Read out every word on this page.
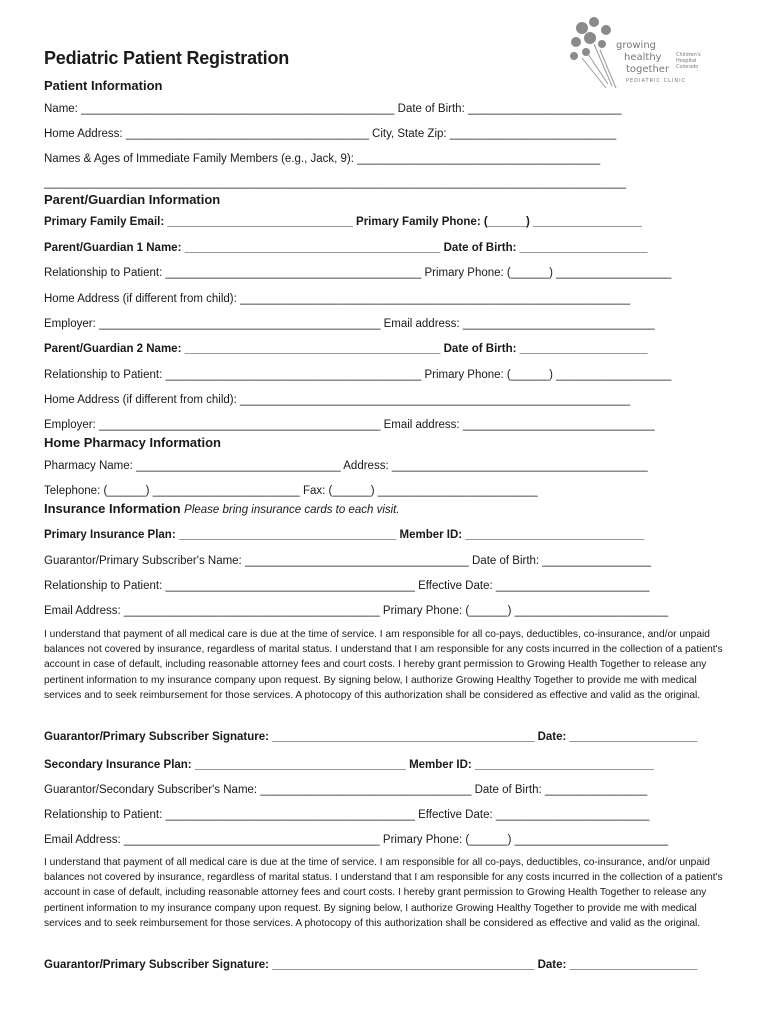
growing
healthy
together
Children's Hospital Colorado
PEDIATRIC CLINIC
Pediatric Patient Registration
Patient Information
Name: _________________________________________________ Date of Birth: ________________________
Home Address: ______________________________________ City, State Zip: __________________________
Names & Ages of Immediate Family Members (e.g., Jack, 9): ______________________________________
___________________________________________________________________________________________
Parent/Guardian Information
Primary Family Email: _____________________________ Primary Family Phone: (______) _________________
Parent/Guardian 1 Name: ________________________________________ Date of Birth: ____________________
Relationship to Patient: ________________________________________ Primary Phone: (______) __________________
Home Address (if different from child): _____________________________________________________________
Employer: ____________________________________________ Email address: ______________________________
Parent/Guardian 2 Name: ________________________________________ Date of Birth: ____________________
Relationship to Patient: ________________________________________ Primary Phone: (______) __________________
Home Address (if different from child): _____________________________________________________________
Employer: ____________________________________________ Email address: ______________________________
Home Pharmacy Information
Pharmacy Name: ________________________________ Address: ________________________________________
Telephone: (______) _______________________ Fax: (______) _________________________
Insurance Information Please bring insurance cards to each visit.
Primary Insurance Plan: __________________________________ Member ID: ____________________________
Guarantor/Primary Subscriber's Name: ___________________________________ Date of Birth: _________________
Relationship to Patient: _______________________________________ Effective Date: ________________________
Email Address: ________________________________________ Primary Phone: (______) ________________________
I understand that payment of all medical care is due at the time of service. I am responsible for all co-pays, deductibles, co-insurance, and/or unpaid balances not covered by insurance, regardless of marital status. I understand that I am responsible for any costs incurred in the collection of a patient's account in case of default, including reasonable attorney fees and court costs. I hereby grant permission to Growing Health Together to release any pertinent information to my insurance company upon request. By signing below, I authorize Growing Healthy Together to provide me with medical services and to seek reimbursement for those services. A photocopy of this authorization shall be considered as effective and valid as the original.
Guarantor/Primary Subscriber Signature: _________________________________________ Date: ____________________
Secondary Insurance Plan: _________________________________ Member ID: ____________________________
Guarantor/Secondary Subscriber's Name: _________________________________ Date of Birth: ________________
Relationship to Patient: _______________________________________ Effective Date: ________________________
Email Address: ________________________________________ Primary Phone: (______) ________________________
I understand that payment of all medical care is due at the time of service. I am responsible for all co-pays, deductibles, co-insurance, and/or unpaid balances not covered by insurance, regardless of marital status. I understand that I am responsible for any costs incurred in the collection of a patient's account in case of default, including reasonable attorney fees and court costs. I hereby grant permission to Growing Health Together to release any pertinent information to my insurance company upon request. By signing below, I authorize Growing Healthy Together to provide me with medical services and to seek reimbursement for those services. A photocopy of this authorization shall be considered as effective and valid as the original.
Guarantor/Primary Subscriber Signature: _________________________________________ Date: ____________________
